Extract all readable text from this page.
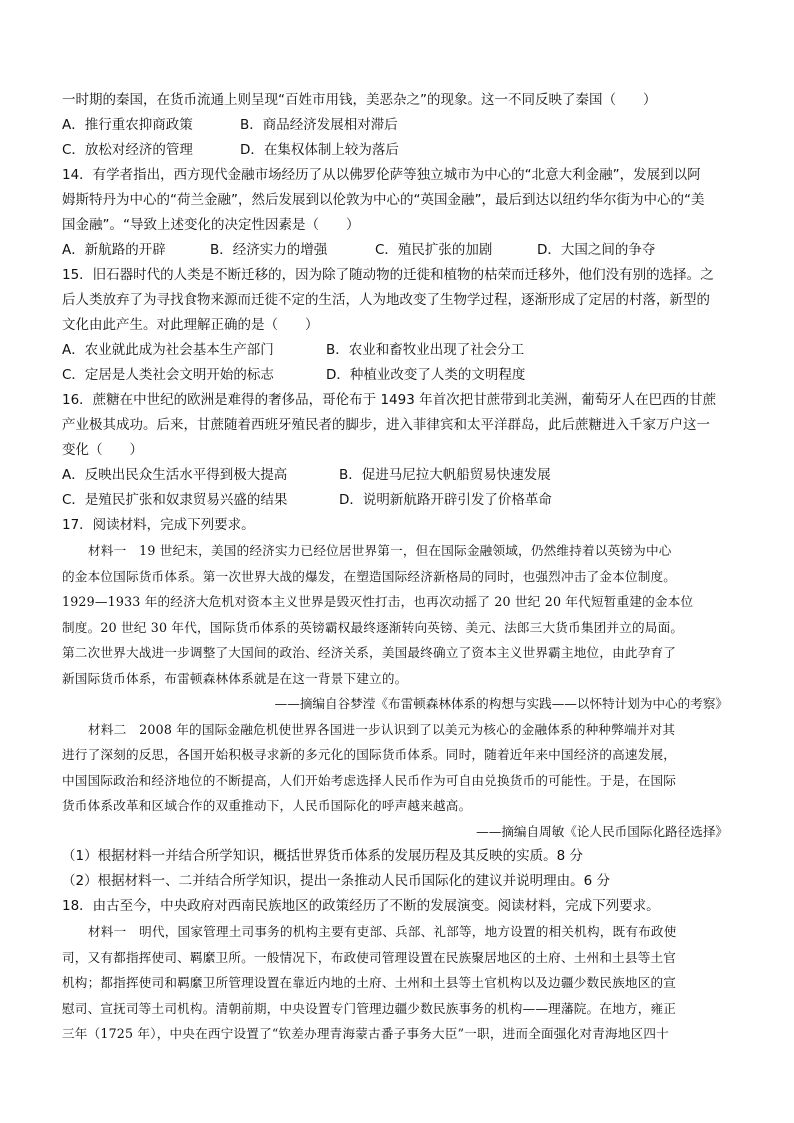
一时期的秦国，在货币流通上则呈现“百姓市用钱，美恶杂之”的现象。这一不同反映了秦国（　　）
A．推行重农抑商政策	B．商品经济发展相对滞后
C．放松对经济的管理	D．在集权体制上较为落后
14．有学者指出，西方现代金融市场经历了从以佛罗伦萨等独立城市为中心的“北意大利金融”，发展到以阿
姆斯特丹为中心的“荷兰金融”，然后发展到以伦敦为中心的“英国金融”，最后到达以纽约华尔街为中心的“美
国金融”。“导致上述变化的决定性因素是（　　）
A．新航路的开辟	B．经济实力的增强	C．殖民扩张的加剧	D．大国之间的争夺
15．旧石器时代的人类是不断迁移的，因为除了随动物的迁徙和植物的枯荣而迁移外，他们没有别的选择。之
后人类放弃了为寻找食物来源而迁徙不定的生活，人为地改变了生物学过程，逐渐形成了定居的村落，新型的
文化由此产生。对此理解正确的是（　　）
A．农业就此成为社会基本生产部门	B．农业和畜牧业出现了社会分工
C．定居是人类社会文明开始的标志	D．种植业改变了人类的文明程度
16．蔗糖在中世纪的欧洲是难得的奢侈品，哥伦布于 1493 年首次把甘蔗带到北美洲，葡萄牙人在巴西的甘蔗
产业极其成功。后来，甘蔗随着西班牙殖民者的脚步，进入菲律宾和太平洋群岛，此后蔗糖进入千家万户这一
变化（　　）
A．反映出民众生活水平得到极大提高	B．促进马尼拉大帆船贸易快速发展
C．是殖民扩张和奴隶贸易兴盛的结果	D．说明新航路开辟引发了价格革命
17．阅读材料，完成下列要求。
材料一　19 世纪末，美国的经济实力已经位居世界第一，但在国际金融领域，仍然维持着以英镑为中心
的金本位国际货币体系。第一次世界大战的爆发，在塑造国际经济新格局的同时，也强烈冲击了金本位制度。
1929—1933 年的经济大危机对资本主义世界是毁灭性打击，也再次动摇了 20 世纪 20 年代短暂重建的金本位
制度。20 世纪 30 年代，国际货币体系的英镑霸权最终逐渐转向英镑、美元、法郎三大货币集团并立的局面。
第二次世界大战进一步调整了大国间的政治、经济关系，美国最终确立了资本主义世界霸主地位，由此孕育了
新国际货币体系，布雷顿森林体系就是在这一背景下建立的。
——摘编自谷梦滢《布雷顿森林体系的构想与实践——以怀特计划为中心的考察》
材料二　2008 年的国际金融危机使世界各国进一步认识到了以美元为核心的金融体系的种种弊端并对其
进行了深刻的反思，各国开始积极寻求新的多元化的国际货币体系。同时，随着近年来中国经济的高速发展，
中国国际政治和经济地位的不断提高，人们开始考虑选择人民币作为可自由兑换货币的可能性。于是，在国际
货币体系改革和区域合作的双重推动下，人民币国际化的呼声越来越高。
——摘编自周敏《论人民币国际化路径选择》
（1）根据材料一并结合所学知识，概括世界货币体系的发展历程及其反映的实质。8 分
（2）根据材料一、二并结合所学知识，提出一条推动人民币国际化的建议并说明理由。6 分
18．由古至今，中央政府对西南民族地区的政策经历了不断的发展演变。阅读材料，完成下列要求。
材料一　明代，国家管理土司事务的机构主要有吏部、兵部、礼部等，地方设置的相关机构，既有布政使
司，又有都指挥使司、羁縻卫所。一般情况下，布政使司管理设置在民族聚居地区的土府、土州和土县等土官
机构；都指挥使司和羁縻卫所管理设置在靠近内地的土府、土州和土县等土官机构以及边疆少数民族地区的宣
慰司、宣抚司等土司机构。清朝前期，中央设置专门管理边疆少数民族事务的机构——理藩院。在地方，雍正
三年（1725 年），中央在西宁设置了“钦差办理青海蒙古番子事务大臣”一职，进而全面强化对青海地区四十
